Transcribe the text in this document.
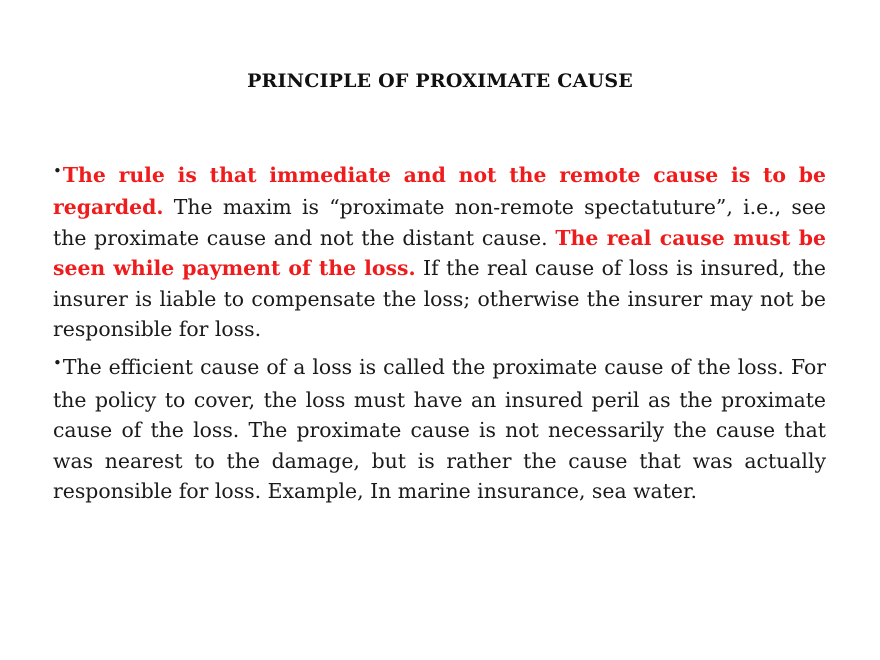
PRINCIPLE OF PROXIMATE CAUSE

•The rule is that immediate and not the remote cause is to be regarded. The maxim is “proximate non-remote spectatuture”, i.e., see the proximate cause and not the distant cause. The real cause must be seen while payment of the loss. If the real cause of loss is insured, the insurer is liable to compensate the loss; otherwise the insurer may not be responsible for loss.

•The efficient cause of a loss is called the proximate cause of the loss. For the policy to cover, the loss must have an insured peril as the proximate cause of the loss. The proximate cause is not necessarily the cause that was nearest to the damage, but is rather the cause that was actually responsible for loss. Example, In marine insurance, sea water.
